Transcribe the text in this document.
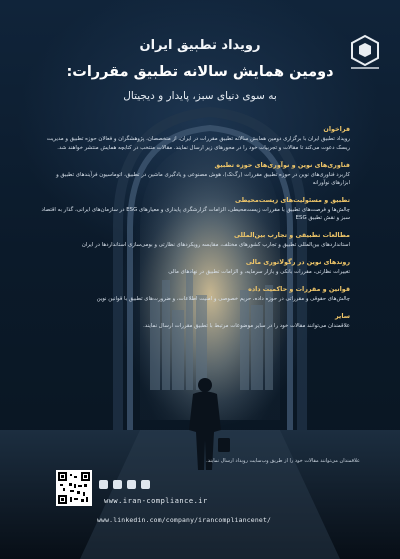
رویداد تطبیق ایران
دومین همایش سالانه تطبیق مقررات:
به سوی دنیای سبز، پایدار و دیجیتال

فراخوان

رویداد تطبیق ایران با برگزاری دومین همایش سالانه تطبیق مقررات در ایران، از متخصصان، پژوهشگران و فعالان حوزه تطبیق و مدیریت ریسک دعوت می‌کند تا مقالات و تجربیات خود را در محورهای زیر ارسال نمایند. مقالات منتخب در کتابچه همایش منتشر خواهند شد.

فناوری‌های نوین و نوآوری‌های حوزه تطبیق

کاربرد فناوری‌های نوین در حوزه تطبیق مقررات (رگ‌تک)، هوش مصنوعی و یادگیری ماشین در تطبیق، اتوماسیون فرآیندهای تطبیق و ابزارهای نوآورانه

تطبیق و مسئولیت‌های زیست‌محیطی

چالش‌ها و فرصت‌های تطبیق با مقررات زیست‌محیطی، الزامات گزارشگری پایداری و معیارهای ESG در سازمان‌های ایرانی، گذار به اقتصاد سبز و نقش تطبیق ESG

مطالعات تطبیقی و تجارب بین‌المللی

استانداردهای بین‌المللی تطبیق و تجارب کشورهای مختلف، مقایسه رویکردهای نظارتی و بومی‌سازی استانداردها در ایران

روندهای نوین در رگولاتوری مالی

تغییرات نظارتی، مقررات بانکی و بازار سرمایه، و الزامات تطبیق در نهادهای مالی

قوانین و مقررات و حاکمیت داده

چالش‌های حقوقی و مقرراتی در حوزه داده، حریم خصوصی و امنیت اطلاعات، و ضرورت‌های تطبیق با قوانین نوین

سایر

علاقمندان می‌توانند مقالات خود را در سایر موضوعات مرتبط با تطبیق مقررات ارسال نمایند.

علاقمندان می‌توانند مقالات خود را از طریق وب‌سایت رویداد ارسال نمایند.
www.iran-compliance.ir
www.linkedin.com/company/irancompliancenet/
